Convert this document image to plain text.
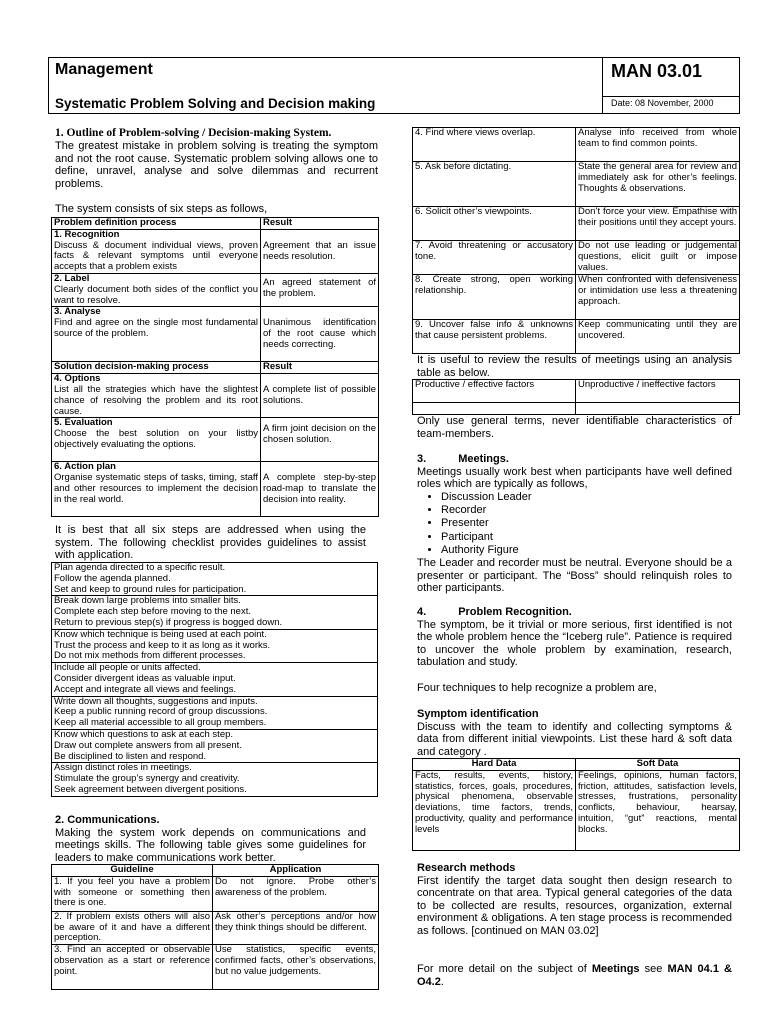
Management
Systematic Problem Solving and Decision making
MAN 03.01
Date: 08 November, 2000
1. Outline of Problem-solving / Decision-making System.
The greatest mistake in problem solving is treating the symptom and not the root cause. Systematic problem solving allows one to define, unravel, analyse and solve dilemmas and recurrent problems.
The system consists of six steps as follows,
Problem definition process	Result

1. Recognition
Discuss & document individual views, proven facts & relevant symptoms until everyone accepts that a problem exists	Agreement that an issue needs resolution.

2. Label
Clearly document both sides of the conflict you want to resolve.	An agreed statement of the problem.

3. Analyse
Find and agree on the single most fundamental source of the problem.	Unanimous identification of the root cause which needs correcting.

Solution decision-making process	Result

4. Options
List all the strategies which have the slightest chance of resolving the problem and its root cause.	A complete list of possible solutions.

5. Evaluation
Choose the best solution on your listby objectively evaluating the options.	A firm joint decision on the chosen solution.

6. Action plan
Organise systematic steps of tasks, timing, staff and other resources to implement the decision in the real world.	A complete step-by-step road-map to translate the decision into reality.
It is best that all six steps are addressed when using the system. The following checklist provides guidelines to assist with application.
Plan agenda directed to a specific result.
Follow the agenda planned.
Set and keep to ground rules for participation.

Break down large problems into smaller bits.
Complete each step before moving to the next.
Return to previous step(s) if progress is bogged down.

Know which technique is being used at each point.
Trust the process and keep to it as long as it works.
Do not mix methods from different processes.

Include all people or units affected.
Consider divergent ideas as valuable input.
Accept and integrate all views and feelings.

Write down all thoughts, suggestions and inputs.
Keep a public running record of group discussions.
Keep all material accessible to all group members.

Know which questions to ask at each step.
Draw out complete answers from all present.
Be disciplined to listen and respond.

Assign distinct roles in meetings.
Stimulate the group’s synergy and creativity.
Seek agreement between divergent positions.
2. Communications.
Making the system work depends on communications and meetings skills. The following table gives some guidelines for leaders to make communications work better.
Guideline	Application
1. If you feel you have a problem with someone or something then there is one.	Do not ignore. Probe other’s awareness of the problem.
2. If problem exists others will also be aware of it and have a different perception.	Ask other’s perceptions and/or how they think things should be different.
3. Find an accepted or observable observation as a start or reference point.	Use statistics, specific events, confirmed facts, other’s observations, but no value judgements.
4. Find where views overlap.	Analyse info received from whole team to find common points.
5. Ask before dictating.	State the general area for review and immediately ask for other’s feelings. Thoughts & observations.
6. Solicit other’s viewpoints.	Don’t force your view. Empathise with their positions until they accept yours.
7. Avoid threatening or accusatory tone.	Do not use leading or judgemental questions, elicit guilt or impose values.
8. Create strong, open working relationship.	When confronted with defensiveness or intimidation use less a threatening approach.
9. Uncover false info & unknowns that cause persistent problems.	Keep communicating until they are uncovered.
It is useful to review the results of meetings using an analysis table as below.
Productive / effective factors	Unproductive / ineffective factors

Only use general terms, never identifiable characteristics of team-members.
3.	Meetings.
Meetings usually work best when participants have well defined roles which are typically as follows,
• Discussion Leader
• Recorder
• Presenter
• Participant
• Authority Figure
The Leader and recorder must be neutral. Everyone should be a presenter or participant. The “Boss” should relinquish roles to other participants.
4.	Problem Recognition.
The symptom, be it trivial or more serious, first identified is not the whole problem hence the “Iceberg rule”. Patience is required to uncover the whole problem by examination, research, tabulation and study.
Four techniques to help recognize a problem are,
Symptom identification
Discuss with the team to identify and collecting symptoms & data from different initial viewpoints. List these hard & soft data and category .
Hard Data	Soft Data
Facts, results, events, history, statistics, forces, goals, procedures, physical phenomena, observable deviations, time factors, trends, productivity, quality and performance levels	Feelings, opinions, human factors, friction, attitudes, satisfaction levels, stresses, frustrations, personality conflicts, behaviour, hearsay, intuition, “gut” reactions, mental blocks.
Research methods
First identify the target data sought then design research to concentrate on that area. Typical general categories of the data to be collected are results, resources, organization, external environment & obligations. A ten stage process is recommended as follows. [continued on MAN 03.02]
For more detail on the subject of Meetings see MAN 04.1 & O4.2.
